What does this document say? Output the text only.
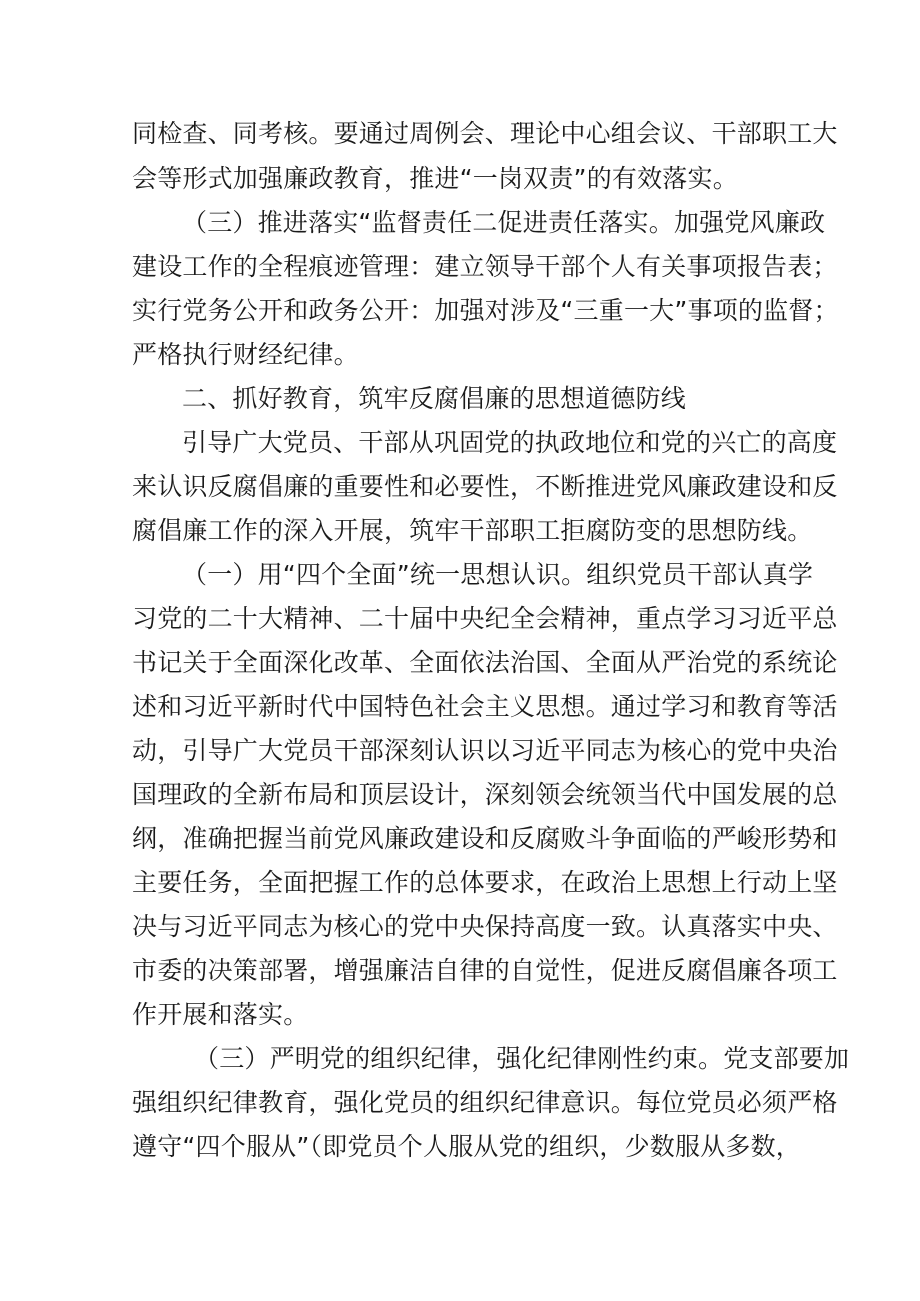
同检查、同考核。要通过周例会、理论中心组会议、干部职工大
会等形式加强廉政教育，推进“一岗双责”的有效落实。
（三）推进落实“监督责任二促进责任落实。加强党风廉政
建设工作的全程痕迹管理：建立领导干部个人有关事项报告表；
实行党务公开和政务公开：加强对涉及“三重一大”事项的监督；
严格执行财经纪律。
二、抓好教育，筑牢反腐倡廉的思想道德防线
引导广大党员、干部从巩固党的执政地位和党的兴亡的高度
来认识反腐倡廉的重要性和必要性，不断推进党风廉政建设和反
腐倡廉工作的深入开展，筑牢干部职工拒腐防变的思想防线。
（一）用“四个全面”统一思想认识。组织党员干部认真学
习党的二十大精神、二十届中央纪全会精神，重点学习习近平总
书记关于全面深化改革、全面依法治国、全面从严治党的系统论
述和习近平新时代中国特色社会主义思想。通过学习和教育等活
动，引导广大党员干部深刻认识以习近平同志为核心的党中央治
国理政的全新布局和顶层设计，深刻领会统领当代中国发展的总
纲，准确把握当前党风廉政建设和反腐败斗争面临的严峻形势和
主要任务，全面把握工作的总体要求，在政治上思想上行动上坚
决与习近平同志为核心的党中央保持高度一致。认真落实中央、
市委的决策部署，增强廉洁自律的自觉性，促进反腐倡廉各项工
作开展和落实。
（三）严明党的组织纪律，强化纪律刚性约束。党支部要加
强组织纪律教育，强化党员的组织纪律意识。每位党员必须严格
遵守“四个服从”（即党员个人服从党的组织，少数服从多数，
